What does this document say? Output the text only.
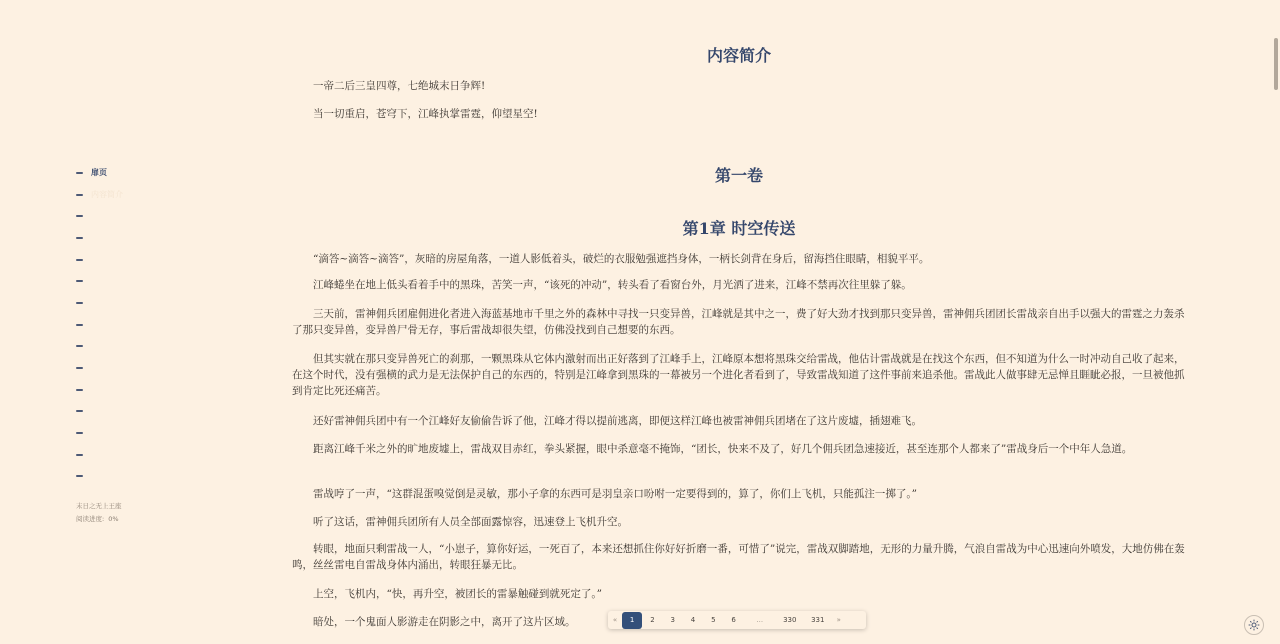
扉页
内容简介
末日之无上王座
阅读进度: 0%
内容简介

一帝二后三皇四尊，七绝城末日争辉!

当一切重启，苍穹下，江峰执掌雷霆，仰望星空!

第一卷
第1章 时空传送

“滴答~滴答~滴答”，灰暗的房屋角落，一道人影低着头，破烂的衣服勉强遮挡身体，一柄长剑背在身后，留海挡住眼睛，相貌平平。

江峰蜷坐在地上低头看着手中的黑珠，苦笑一声，“该死的冲动”，转头看了看窗台外，月光洒了进来，江峰不禁再次往里躲了躲。

三天前，雷神佣兵团雇佣进化者进入海蓝基地市千里之外的森林中寻找一只变异兽，江峰就是其中之一，费了好大劲才找到那只变异兽，雷神佣兵团团长雷战亲自出手以强大的雷霆之力轰杀了那只变异兽，变异兽尸骨无存，事后雷战却很失望，仿佛没找到自己想要的东西。

但其实就在那只变异兽死亡的刹那，一颗黑珠从它体内激射而出正好落到了江峰手上，江峰原本想将黑珠交给雷战，他估计雷战就是在找这个东西，但不知道为什么一时冲动自己收了起来，在这个时代，没有强横的武力是无法保护自己的东西的，特别是江峰拿到黑珠的一幕被另一个进化者看到了，导致雷战知道了这件事前来追杀他。雷战此人做事肆无忌惮且睚眦必报，一旦被他抓到肯定比死还痛苦。

还好雷神佣兵团中有一个江峰好友偷偷告诉了他，江峰才得以提前逃离，即便这样江峰也被雷神佣兵团堵在了这片废墟，插翅难飞。

距离江峰千米之外的旷地废墟上，雷战双目赤红，拳头紧握，眼中杀意毫不掩饰，“团长，快来不及了，好几个佣兵团急速接近，甚至连那个人都来了”雷战身后一个中年人急道。

雷战哼了一声，“这群混蛋嗅觉倒是灵敏，那小子拿的东西可是羽皇亲口吩咐一定要得到的，算了，你们上飞机，只能孤注一掷了。”

听了这话，雷神佣兵团所有人员全部面露惊容，迅速登上飞机升空。

转眼，地面只剩雷战一人，“小崽子，算你好运，一死百了，本来还想抓住你好好折磨一番，可惜了”说完，雷战双脚踏地，无形的力量升腾，气浪自雷战为中心迅速向外喷发，大地仿佛在轰鸣，丝丝雷电自雷战身体内涌出，转眼狂暴无比。

上空，飞机内，“快，再升空，被团长的雷暴触碰到就死定了。”

暗处，一个鬼面人影游走在阴影之中，离开了这片区域。	«	1	2	3	4	5	6	...	330	331	»
